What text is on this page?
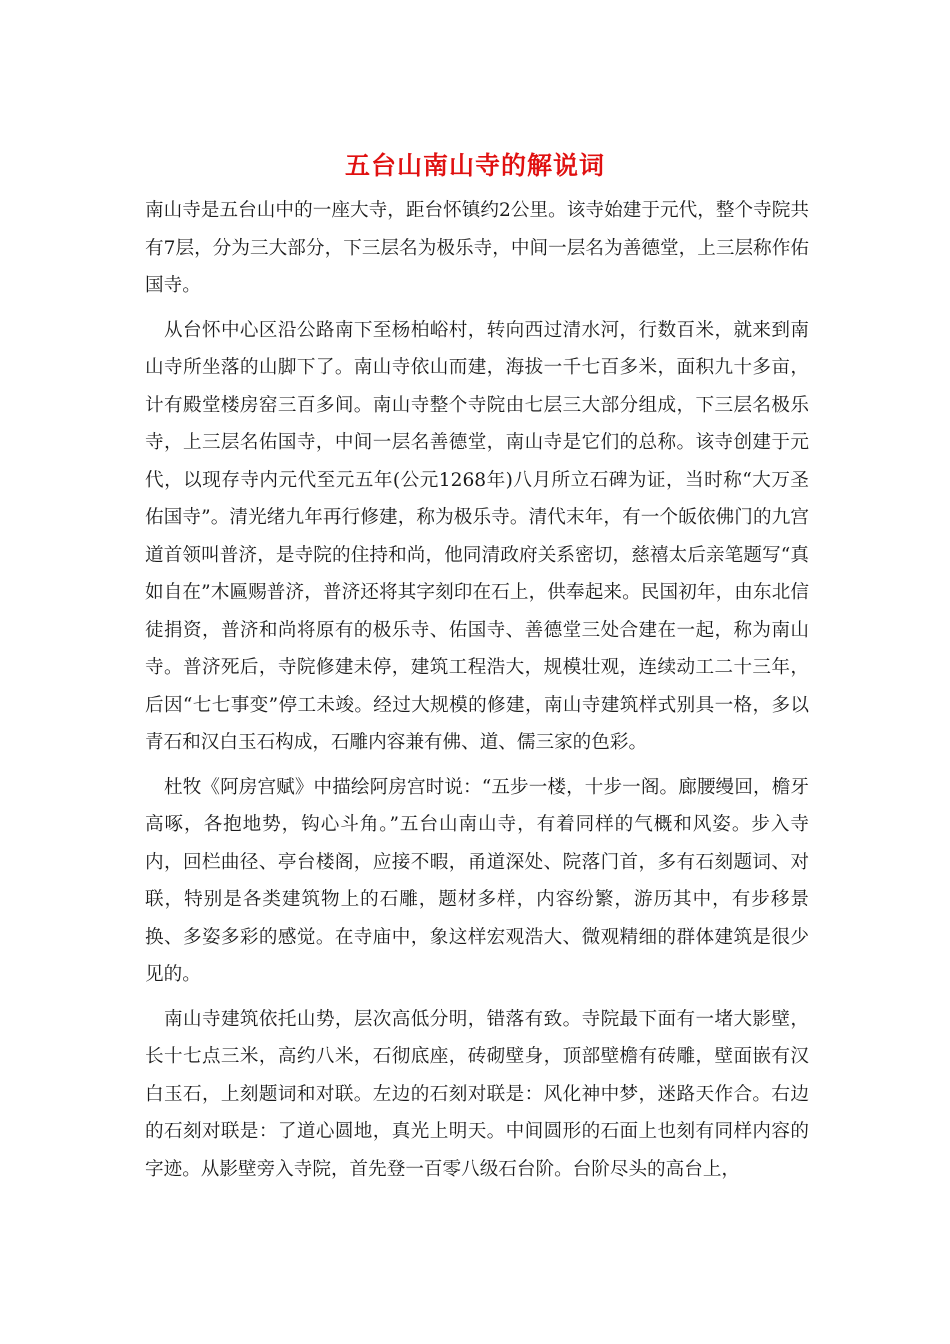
五台山南山寺的解说词

南山寺是五台山中的一座大寺，距台怀镇约2公里。该寺始建于元代，整个寺院共有7层，分为三大部分，下三层名为极乐寺，中间一层名为善德堂，上三层称作佑国寺。

从台怀中心区沿公路南下至杨柏峪村，转向西过清水河，行数百米，就来到南山寺所坐落的山脚下了。南山寺依山而建，海拔一千七百多米，面积九十多亩，计有殿堂楼房窑三百多间。南山寺整个寺院由七层三大部分组成，下三层名极乐寺，上三层名佑国寺，中间一层名善德堂，南山寺是它们的总称。该寺创建于元代，以现存寺内元代至元五年(公元1268年)八月所立石碑为证，当时称“大万圣佑国寺”。清光绪九年再行修建，称为极乐寺。清代末年，有一个皈依佛门的九宫道首领叫普济，是寺院的住持和尚，他同清政府关系密切，慈禧太后亲笔题写“真如自在”木匾赐普济，普济还将其字刻印在石上，供奉起来。民国初年，由东北信徒捐资，普济和尚将原有的极乐寺、佑国寺、善德堂三处合建在一起，称为南山寺。普济死后，寺院修建未停，建筑工程浩大，规模壮观，连续动工二十三年，后因“七七事变”停工未竣。经过大规模的修建，南山寺建筑样式别具一格，多以青石和汉白玉石构成，石雕内容兼有佛、道、儒三家的色彩。

杜牧《阿房宫赋》中描绘阿房宫时说：“五步一楼，十步一阁。廊腰缦回，檐牙高啄，各抱地势，钩心斗角。”五台山南山寺，有着同样的气概和风姿。步入寺内，回栏曲径、亭台楼阁，应接不暇，甬道深处、院落门首，多有石刻题词、对联，特别是各类建筑物上的石雕，题材多样，内容纷繁，游历其中，有步移景换、多姿多彩的感觉。在寺庙中，象这样宏观浩大、微观精细的群体建筑是很少见的。

南山寺建筑依托山势，层次高低分明，错落有致。寺院最下面有一堵大影壁，长十七点三米，高约八米，石彻底座，砖砌壁身，顶部壁檐有砖雕，壁面嵌有汉白玉石，上刻题词和对联。左边的石刻对联是：风化神中梦，迷路天作合。右边的石刻对联是：了道心圆地，真光上明天。中间圆形的石面上也刻有同样内容的字迹。从影壁旁入寺院，首先登一百零八级石台阶。台阶尽头的高台上，
